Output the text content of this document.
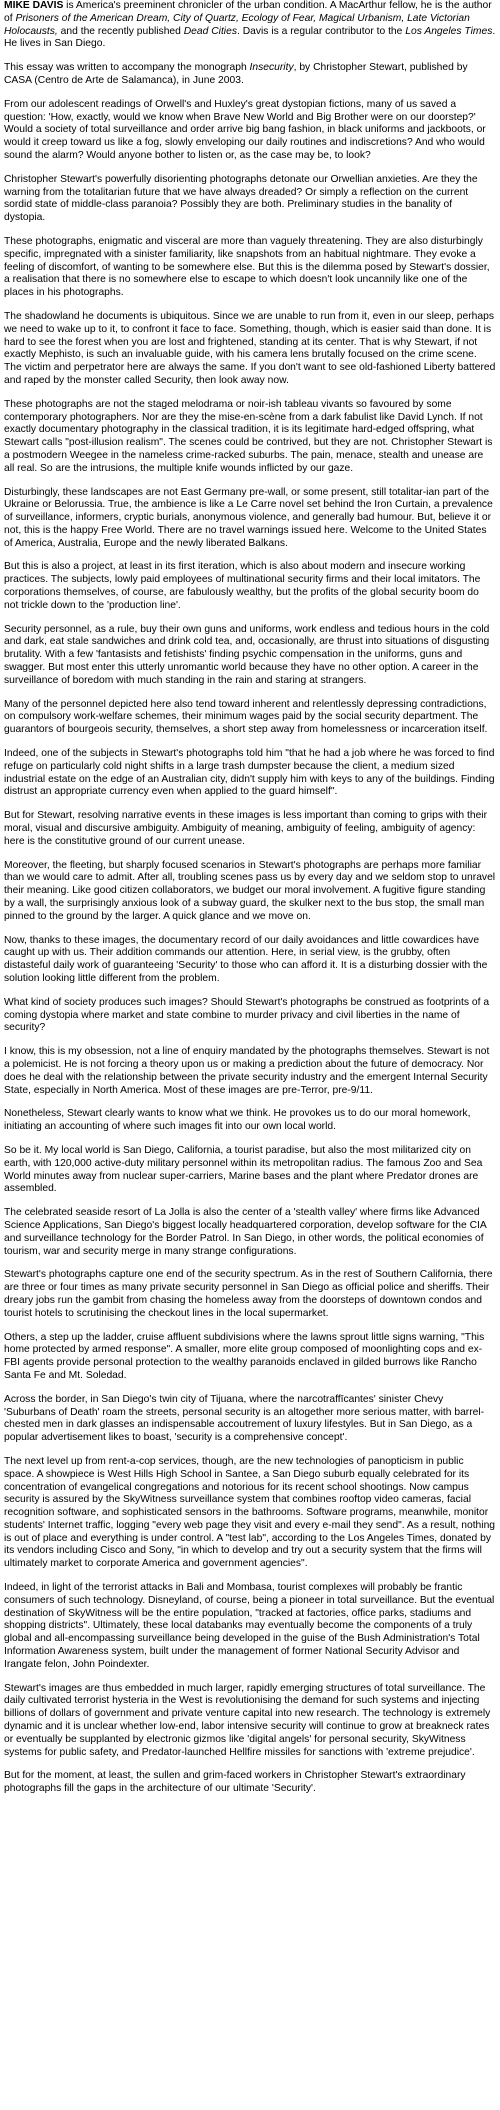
MIKE DAVIS is America's preeminent chronicler of the urban condition. A MacArthur fellow, he is the author of Prisoners of the American Dream, City of Quartz, Ecology of Fear, Magical Urbanism, Late Victorian Holocausts, and the recently published Dead Cities. Davis is a regular contributor to the Los Angeles Times. He lives in San Diego.

This essay was written to accompany the monograph Insecurity, by Christopher Stewart, published by CASA (Centro de Arte de Salamanca), in June 2003.

From our adolescent readings of Orwell's and Huxley's great dystopian fictions, many of us saved a question: 'How, exactly, would we know when Brave New World and Big Brother were on our doorstep?' Would a society of total surveillance and order arrive big bang fashion, in black uniforms and jackboots, or would it creep toward us like a fog, slowly enveloping our daily routines and indiscretions? And who would sound the alarm? Would anyone bother to listen or, as the case may be, to look?

Christopher Stewart's powerfully disorienting photographs detonate our Orwellian anxieties. Are they the warning from the totalitarian future that we have always dreaded? Or simply a reflection on the current sordid state of middle-class paranoia? Possibly they are both. Preliminary studies in the banality of dystopia.

These photographs, enigmatic and visceral are more than vaguely threatening. They are also disturbingly specific, impregnated with a sinister familiarity, like snapshots from an habitual nightmare. They evoke a feeling of discomfort, of wanting to be somewhere else. But this is the dilemma posed by Stewart's dossier, a realisation that there is no somewhere else to escape to which doesn't look uncannily like one of the places in his photographs.

The shadowland he documents is ubiquitous. Since we are unable to run from it, even in our sleep, perhaps we need to wake up to it, to confront it face to face. Something, though, which is easier said than done. It is hard to see the forest when you are lost and frightened, standing at its center. That is why Stewart, if not exactly Mephisto, is such an invaluable guide, with his camera lens brutally focused on the crime scene. The victim and perpetrator here are always the same. If you don't want to see old-fashioned Liberty battered and raped by the monster called Security, then look away now.

These photographs are not the staged melodrama or noir-ish tableau vivants so favoured by some contemporary photographers. Nor are they the mise-en-scène from a dark fabulist like David Lynch. If not exactly documentary photography in the classical tradition, it is its legitimate hard-edged offspring, what Stewart calls "post-illusion realism". The scenes could be contrived, but they are not. Christopher Stewart is a postmodern Weegee in the nameless crime-racked suburbs. The pain, menace, stealth and unease are all real. So are the intrusions, the multiple knife wounds inflicted by our gaze.

Disturbingly, these landscapes are not East Germany pre-wall, or some present, still totalitar-ian part of the Ukraine or Belorussia. True, the ambience is like a Le Carre novel set behind the Iron Curtain, a prevalence of surveillance, informers, cryptic burials, anonymous violence, and generally bad humour. But, believe it or not, this is the happy Free World. There are no travel warnings issued here. Welcome to the United States of America, Australia, Europe and the newly liberated Balkans.

But this is also a project, at least in its first iteration, which is also about modern and insecure working practices. The subjects, lowly paid employees of multinational security firms and their local imitators. The corporations themselves, of course, are fabulously wealthy, but the profits of the global security boom do not trickle down to the 'production line'.

Security personnel, as a rule, buy their own guns and uniforms, work endless and tedious hours in the cold and dark, eat stale sandwiches and drink cold tea, and, occasionally, are thrust into situations of disgusting brutality. With a few 'fantasists and fetishists' finding psychic compensation in the uniforms, guns and swagger. But most enter this utterly unromantic world because they have no other option. A career in the surveillance of boredom with much standing in the rain and staring at strangers.

Many of the personnel depicted here also tend toward inherent and relentlessly depressing contradictions, on compulsory work-welfare schemes, their minimum wages paid by the social security department. The guarantors of bourgeois security, themselves, a short step away from homelessness or incarceration itself.

Indeed, one of the subjects in Stewart's photographs told him "that he had a job where he was forced to find refuge on particularly cold night shifts in a large trash dumpster because the client, a medium sized industrial estate on the edge of an Australian city, didn't supply him with keys to any of the buildings. Finding distrust an appropriate currency even when applied to the guard himself".

But for Stewart, resolving narrative events in these images is less important than coming to grips with their moral, visual and discursive ambiguity. Ambiguity of meaning, ambiguity of feeling, ambiguity of agency: here is the constitutive ground of our current unease.

Moreover, the fleeting, but sharply focused scenarios in Stewart's photographs are perhaps more familiar than we would care to admit. After all, troubling scenes pass us by every day and we seldom stop to unravel their meaning. Like good citizen collaborators, we budget our moral involvement. A fugitive figure standing by a wall, the surprisingly anxious look of a subway guard, the skulker next to the bus stop, the small man pinned to the ground by the larger. A quick glance and we move on.

Now, thanks to these images, the documentary record of our daily avoidances and little cowardices have caught up with us. Their addition commands our attention. Here, in serial view, is the grubby, often distasteful daily work of guaranteeing 'Security' to those who can afford it. It is a disturbing dossier with the solution looking little different from the problem.

What kind of society produces such images? Should Stewart's photographs be construed as footprints of a coming dystopia where market and state combine to murder privacy and civil liberties in the name of security?

I know, this is my obsession, not a line of enquiry mandated by the photographs themselves. Stewart is not a polemicist. He is not forcing a theory upon us or making a prediction about the future of democracy. Nor does he deal with the relationship between the private security industry and the emergent Internal Security State, especially in North America. Most of these images are pre-Terror, pre-9/11.

Nonetheless, Stewart clearly wants to know what we think. He provokes us to do our moral homework, initiating an accounting of where such images fit into our own local world.

So be it. My local world is San Diego, California, a tourist paradise, but also the most militarized city on earth, with 120,000 active-duty military personnel within its metropolitan radius. The famous Zoo and Sea World minutes away from nuclear super-carriers, Marine bases and the plant where Predator drones are assembled.

The celebrated seaside resort of La Jolla is also the center of a 'stealth valley' where firms like Advanced Science Applications, San Diego's biggest locally headquartered corporation, develop software for the CIA and surveillance technology for the Border Patrol. In San Diego, in other words, the political economies of tourism, war and security merge in many strange configurations.

Stewart's photographs capture one end of the security spectrum. As in the rest of Southern California, there are three or four times as many private security personnel in San Diego as official police and sheriffs. Their dreary jobs run the gambit from chasing the homeless away from the doorsteps of downtown condos and tourist hotels to scrutinising the checkout lines in the local supermarket.

Others, a step up the ladder, cruise affluent subdivisions where the lawns sprout little signs warning, "This home protected by armed response". A smaller, more elite group composed of moonlighting cops and ex-FBI agents provide personal protection to the wealthy paranoids enclaved in gilded burrows like Rancho Santa Fe and Mt. Soledad.

Across the border, in San Diego's twin city of Tijuana, where the narcotraffīcantes' sinister Chevy 'Suburbans of Death' roam the streets, personal security is an altogether more serious matter, with barrel-chested men in dark glasses an indispensable accoutrement of luxury lifestyles. But in San Diego, as a popular advertisement likes to boast, 'security is a comprehensive concept'.

The next level up from rent-a-cop services, though, are the new technologies of panopticism in public space. A showpiece is West Hills High School in Santee, a San Diego suburb equally celebrated for its concentration of evangelical congregations and notorious for its recent school shootings. Now campus security is assured by the SkyWitness surveillance system that combines rooftop video cameras, facial recognition software, and sophisticated sensors in the bathrooms. Software programs, meanwhile, monitor students' Internet traffic, logging "every web page they visit and every e-mail they send". As a result, nothing is out of place and everything is under control. A "test lab", according to the Los Angeles Times, donated by its vendors including Cisco and Sony, "in which to develop and try out a security system that the firms will ultimately market to corporate America and government agencies".

Indeed, in light of the terrorist attacks in Bali and Mombasa, tourist complexes will probably be frantic consumers of such technology. Disneyland, of course, being a pioneer in total surveillance. But the eventual destination of SkyWitness will be the entire population, "tracked at factories, office parks, stadiums and shopping districts". Ultimately, these local databanks may eventually become the components of a truly global and all-encompassing surveillance being developed in the guise of the Bush Administration's Total Information Awareness system, built under the management of former National Security Advisor and Irangate felon, John Poindexter.

Stewart's images are thus embedded in much larger, rapidly emerging structures of total surveillance. The daily cultivated terrorist hysteria in the West is revolutionising the demand for such systems and injecting billions of dollars of government and private venture capital into new research. The technology is extremely dynamic and it is unclear whether low-end, labor intensive security will continue to grow at breakneck rates or eventually be supplanted by electronic gizmos like 'digital angels' for personal security, SkyWitness systems for public safety, and Predator-launched Hellfire missiles for sanctions with 'extreme prejudice'.

But for the moment, at least, the sullen and grim-faced workers in Christopher Stewart's extraordinary photographs fill the gaps in the architecture of our ultimate 'Security'.
